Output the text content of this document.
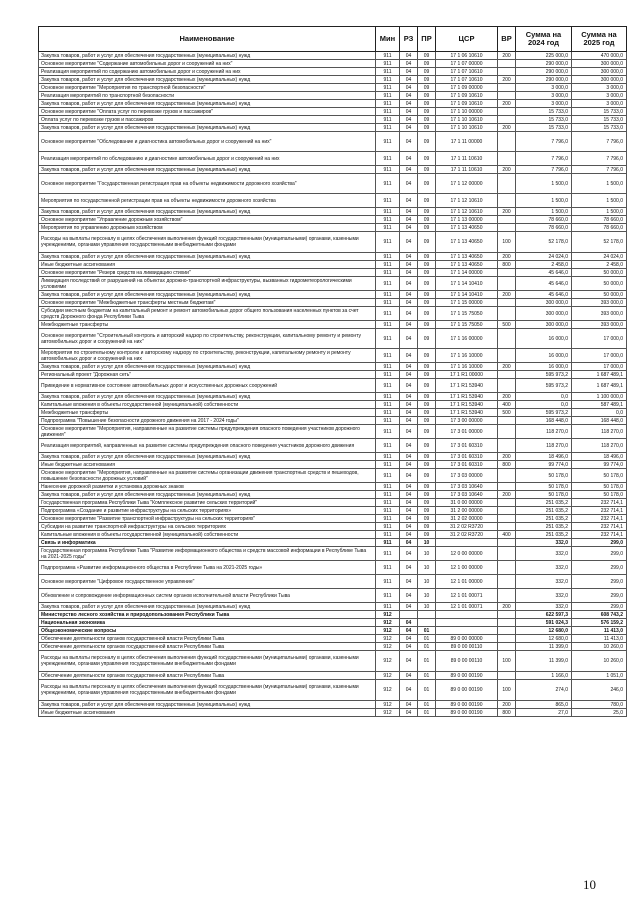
Наименование	Мин	РЗ	ПР	ЦСР	ВР	Сумма на 2024 год	Сумма на 2025 год
Закупка товаров, работ и услуг для обеспечения государственных (муниципальных) нужд	911	04	09	17 1 06 10610	200	225 000,0	470 000,0
Основное мероприятие "Содержание автомобильных дорог и сооружений на них"	911	04	09	17 1 07 00000		290 000,0	300 000,0
Реализация мероприятий по содержанию автомобильных дорог и сооружений на них	911	04	09	17 1 07 10610		290 000,0	300 000,0
Закупка товаров, работ и услуг для обеспечения государственных (муниципальных) нужд	911	04	09	17 1 07 10610	200	290 000,0	300 000,0
Основное мероприятие "Мероприятия по транспортной безопасности"	911	04	09	17 1 09 00000		3 000,0	3 000,0
Реализация мероприятий по транспортной безопасности	911	04	09	17 1 09 10610		3 000,0	3 000,0
Закупка товаров, работ и услуг для обеспечения государственных (муниципальных) нужд	911	04	09	17 1 09 10610	200	3 000,0	3 000,0
Основное мероприятие "Оплата услуг по перевозке грузов и пассажиров"	911	04	09	17 1 10 00000		15 733,0	15 733,0
Оплата услуг по перевозке грузов и пассажиров	911	04	09	17 1 10 10610		15 733,0	15 733,0
Закупка товаров, работ и услуг для обеспечения государственных (муниципальных) нужд	911	04	09	17 1 10 10610	200	15 733,0	15 733,0
Основное мероприятие "Обследование и диагностика автомобильных дорог и сооружений на них"	911	04	09	17 1 11 00000		7 796,0	7 796,0
Реализация мероприятий по обследованию и диагностике автомобильных дорог и сооружений на них	911	04	09	17 1 11 10610		7 796,0	7 796,0
Закупка товаров, работ и услуг для обеспечения государственных (муниципальных) нужд	911	04	09	17 1 11 10610	200	7 796,0	7 796,0
Основное мероприятие "Государственная регистрация прав на объекты недвижимости дорожного хозяйства"	911	04	09	17 1 12 00000		1 500,0	1 500,0
Мероприятия по государственной регистрации прав на объекты недвижимости дорожного хозяйства	911	04	09	17 1 12 10610		1 500,0	1 500,0
Закупка товаров, работ и услуг для обеспечения государственных (муниципальных) нужд	911	04	09	17 1 12 10610	200	1 500,0	1 500,0
Основное мероприятие "Управление дорожным хозяйством"	911	04	09	17 1 13 00000		78 660,0	78 660,0
Мероприятия по управлению дорожным хозяйством	911	04	09	17 1 13 40650		78 660,0	78 660,0
Расходы на выплаты персоналу в целях обеспечения выполнения функций государственными (муниципальными) органами, казенными учреждениями, органами управления государственными внебюджетными фондами	911	04	09	17 1 13 40650	100	52 178,0	52 178,0
Закупка товаров, работ и услуг для обеспечения государственных (муниципальных) нужд	911	04	09	17 1 13 40650	200	24 024,0	24 024,0
Иные бюджетные ассигнования	911	04	09	17 1 13 40650	800	2 458,0	2 458,0
Основное мероприятие "Резерв средств на ликвидацию стихии"	911	04	09	17 1 14 00000		45 646,0	50 000,0
Ликвидация последствий от разрушений на объектах дорожно-транспортной инфраструктуры, вызванных гидрометеорологическими условиями	911	04	09	17 1 14 10410		45 646,0	50 000,0
Закупка товаров, работ и услуг для обеспечения государственных (муниципальных) нужд	911	04	09	17 1 14 10410	200	45 646,0	50 000,0
Основное мероприятие "Межбюджетные трансферты местным бюджетам"	911	04	09	17 1 15 00000		300 000,0	393 000,0
Субсидии местным бюджетам на капитальный ремонт и ремонт автомобильных дорог общего пользования населенных пунктов за счет средств Дорожного фонда Республики Тыва	911	04	09	17 1 15 75050		300 000,0	393 000,0
Межбюджетные трансферты	911	04	09	17 1 15 75050	500	300 000,0	393 000,0
Основное мероприятие "Строительный контроль и авторский надзор по строительству, реконструкции, капитальному ремонту и ремонту автомобильных дорог и сооружений на них"	911	04	09	17 1 16 00000		16 000,0	17 000,0
Мероприятия по строительному контролю и авторскому надзору по строительству, реконструкции, капитальному ремонту и ремонту автомобильных дорог и сооружений на них	911	04	09	17 1 16 10000		16 000,0	17 000,0
Закупка товаров, работ и услуг для обеспечения государственных (муниципальных) нужд	911	04	09	17 1 16 10000	200	16 000,0	17 000,0
Региональный проект "Дорожная сеть"	911	04	09	17 1 R1 00000		595 973,2	1 687 489,1
Приведение в нормативное состояние автомобильных дорог и искусственных дорожных сооружений	911	04	09	17 1 R1 53940		595 973,2	1 687 489,1
Закупка товаров, работ и услуг для обеспечения государственных (муниципальных) нужд	911	04	09	17 1 R1 53940	200	0,0	1 100 000,0
Капитальные вложения в объекты государственной (муниципальной) собственности	911	04	09	17 1 R1 53940	400	0,0	587 489,1
Межбюджетные трансферты	911	04	09	17 1 R1 53940	500	595 973,2	0,0
Подпрограмма "Повышение безопасности дорожного движения на 2017 - 2024 годы"	911	04	09	17 3 00 00000		168 448,0	168 448,0
Основное мероприятие "Мероприятия, направленные на развитие системы предупреждения опасного поведения участников дорожного движения"	911	04	09	17 3 01 00000		118 270,0	118 270,0
Реализация мероприятий, направленных на развитие системы предупреждения опасного поведения участников дорожного движения	911	04	09	17 3 01 60310		118 270,0	118 270,0
Закупка товаров, работ и услуг для обеспечения государственных (муниципальных) нужд	911	04	09	17 3 01 60310	200	18 496,0	18 496,0
Иные бюджетные ассигнования	911	04	09	17 3 01 60310	800	99 774,0	99 774,0
Основное мероприятие "Мероприятия, направленные на развитие системы организации движения транспортных средств и пешеходов, повышение безопасности дорожных условий"	911	04	09	17 3 03 00000		50 178,0	50 178,0
Нанесение дорожной разметки и установка дорожных знаков	911	04	09	17 3 03 10640		50 178,0	50 178,0
Закупка товаров, работ и услуг для обеспечения государственных (муниципальных) нужд	911	04	09	17 3 03 10640	200	50 178,0	50 178,0
Государственная программа Республики Тыва "Комплексное развитие сельских территорий"	911	04	09	31 0 00 00000		251 035,2	232 714,1
Подпрограмма «Создание и развитие инфраструктуры на сельских территориях»	911	04	09	31 2 00 00000		251 035,2	232 714,1
Основное мероприятие "Развитие транспортной инфраструктуры на сельских территориях"	911	04	09	31 2 02 00000		251 035,2	232 714,1
Субсидии на развитие транспортной инфраструктуры на сельских территориях	911	04	09	31 2 02 R3720		251 035,2	232 714,1
Капитальные вложения в объекты государственной (муниципальной) собственности	911	04	09	31 2 02 R3720	400	251 035,2	232 714,1
Связь и информатика	911	04	10			332,0	299,0
Государственная программа Республики Тыва "Развитие информационного общества и средств массовой информации в Республике Тыва на 2021-2025 годы"	911	04	10	12 0 00 00000		332,0	299,0
Подпрограмма «Развитие информационного общества в Республике Тыва на 2021-2025 годы»	911	04	10	12 1 00 00000		332,0	299,0
Основное мероприятие "Цифровое государственное управление"	911	04	10	12 1 01 00000		332,0	299,0
Обновление и сопровождение информационных систем органов исполнительной власти Республики Тыва	911	04	10	12 1 01 00071		332,0	299,0
Закупка товаров, работ и услуг для обеспечения государственных (муниципальных) нужд	911	04	10	12 1 01 00071	200	332,0	299,0
Министерство лесного хозяйства и природопользования Республики Тыва	912					622 597,3	608 743,2
Национальная экономика	912	04				591 024,3	576 159,2
Общеэкономические вопросы	912	04	01			12 680,0	11 413,0
Обеспечение деятельности органов государственной власти Республики Тыва	912	04	01	89 0 00 00000		12 680,0	11 413,0
Обеспечение деятельности органов государственной власти Республики Тыва	912	04	01	89 0 00 00110		11 399,0	10 260,0
Расходы на выплаты персоналу в целях обеспечения выполнения функций государственными (муниципальными) органами, казенными учреждениями, органами управления государственными внебюджетными фондами	912	04	01	89 0 00 00110	100	11 399,0	10 260,0
Обеспечение деятельности органов государственной власти Республики Тыва	912	04	01	89 0 00 00190		1 166,0	1 051,0
Расходы на выплаты персоналу в целях обеспечения выполнения функций государственными (муниципальными) органами, казенными учреждениями, органами управления государственными внебюджетными фондами	912	04	01	89 0 00 00190	100	274,0	246,0
Закупка товаров, работ и услуг для обеспечения государственных (муниципальных) нужд	912	04	01	89 0 00 00190	200	865,0	780,0
Иные бюджетные ассигнования	912	04	01	89 0 00 00190	800	27,0	25,0
10
